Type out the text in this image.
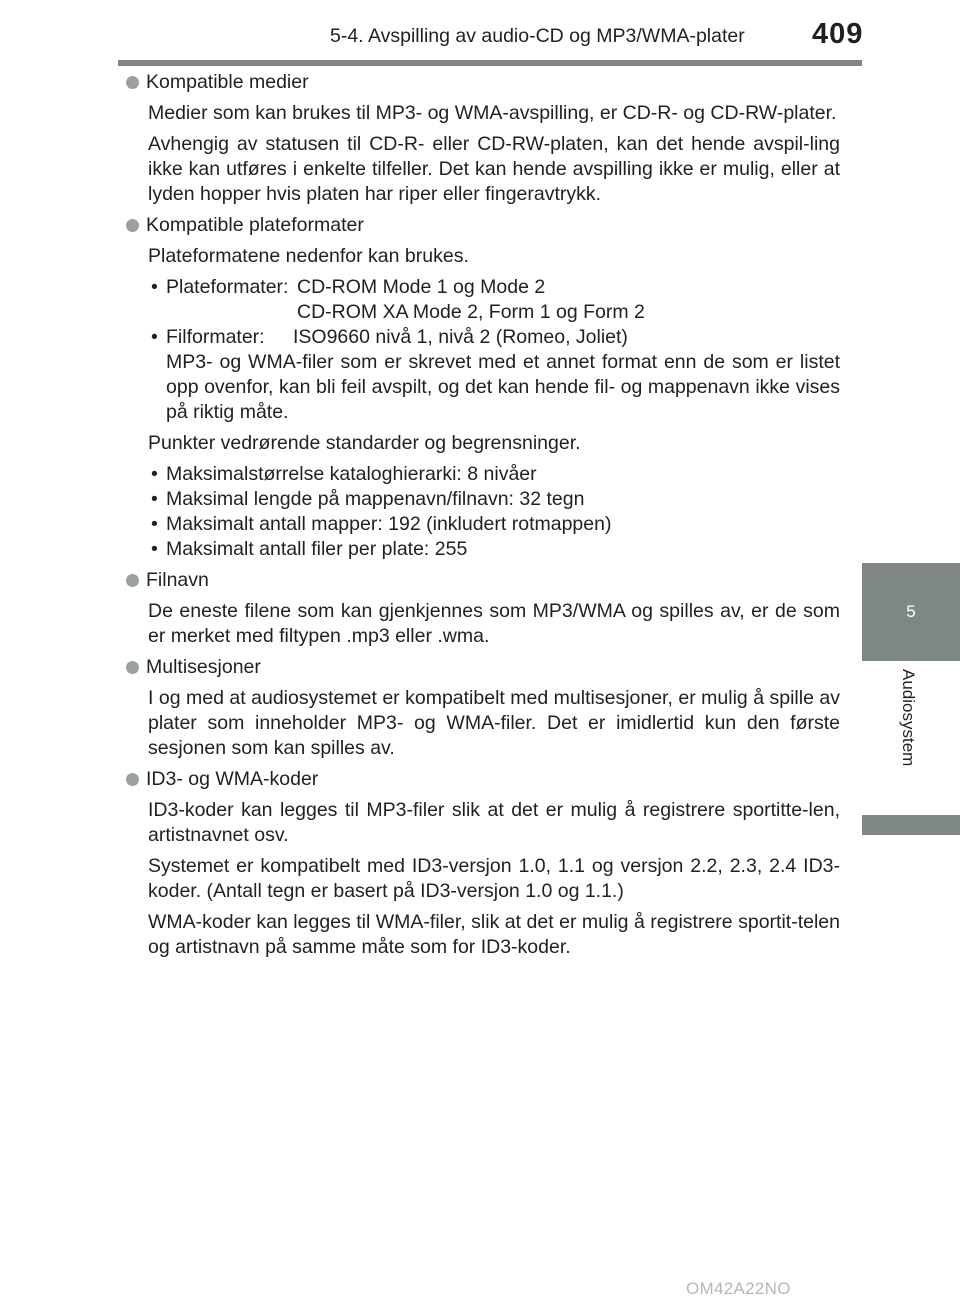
5-4. Avspilling av audio-CD og MP3/WMA-plater	409
5
Audiosystem
Kompatible medier

Medier som kan brukes til MP3- og WMA-avspilling, er CD-R- og CD-RW-plater.

Avhengig av statusen til CD-R- eller CD-RW-platen, kan det hende avspil-ling ikke kan utføres i enkelte tilfeller. Det kan hende avspilling ikke er mulig, eller at lyden hopper hvis platen har riper eller fingeravtrykk.

Kompatible plateformater

Plateformatene nedenfor kan brukes.

• Plateformater: CD-ROM Mode 1 og Mode 2
CD-ROM XA Mode 2, Form 1 og Form 2
• Filformater: ISO9660 nivå 1, nivå 2 (Romeo, Joliet)
MP3- og WMA-filer som er skrevet med et annet format enn de som er listet opp ovenfor, kan bli feil avspilt, og det kan hende fil- og mappenavn ikke vises på riktig måte.

Punkter vedrørende standarder og begrensninger.

• Maksimalstørrelse kataloghierarki: 8 nivåer
• Maksimal lengde på mappenavn/filnavn: 32 tegn
• Maksimalt antall mapper: 192 (inkludert rotmappen)
• Maksimalt antall filer per plate: 255
Filnavn

De eneste filene som kan gjenkjennes som MP3/WMA og spilles av, er de som er merket med filtypen .mp3 eller .wma.

Multisesjoner

I og med at audiosystemet er kompatibelt med multisesjoner, er mulig å spille av plater som inneholder MP3- og WMA-filer. Det er imidlertid kun den første sesjonen som kan spilles av.

ID3- og WMA-koder

ID3-koder kan legges til MP3-filer slik at det er mulig å registrere sportitte-len, artistnavnet osv.

Systemet er kompatibelt med ID3-versjon 1.0, 1.1 og versjon 2.2, 2.3, 2.4 ID3-koder. (Antall tegn er basert på ID3-versjon 1.0 og 1.1.)

WMA-koder kan legges til WMA-filer, slik at det er mulig å registrere sportit-telen og artistnavn på samme måte som for ID3-koder.

OM42A22NO
